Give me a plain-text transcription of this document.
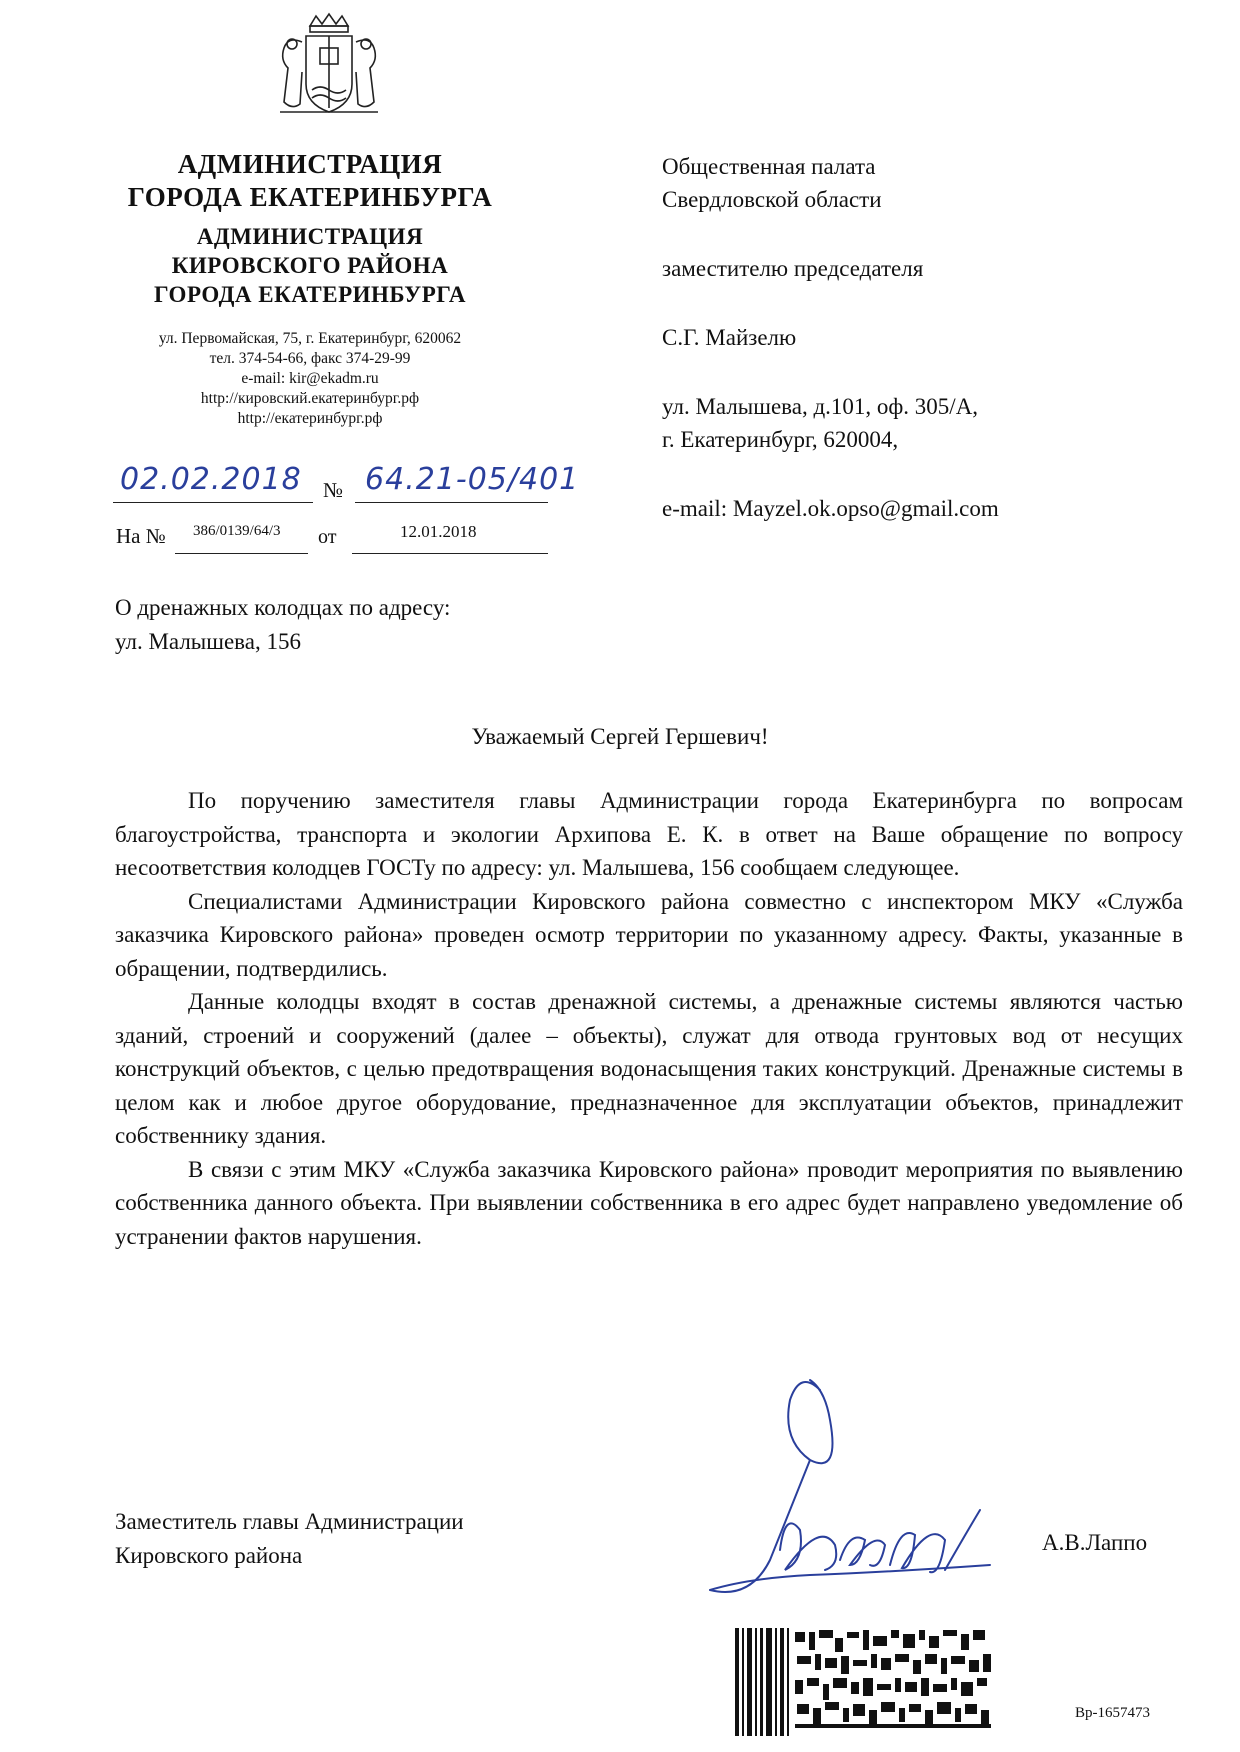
АДМИНИСТРАЦИЯ
ГОРОДА ЕКАТЕРИНБУРГА
АДМИНИСТРАЦИЯ
КИРОВСКОГО РАЙОНА
ГОРОДА ЕКАТЕРИНБУРГА
ул. Первомайская, 75, г. Екатеринбург, 620062
тел. 374-54-66, факс 374-29-99
e-mail: kir@ekadm.ru
http://кировский.екатеринбург.рф
http://екатеринбург.рф
02.02.2018 № 64.21-05/401
На № 386/0139/64/3 от	12.01.2018
Общественная палата
Свердловской области
заместителю председателя
С.Г. Майзелю
ул. Малышева, д.101, оф. 305/А,
г. Екатеринбург, 620004,
e-mail: Mayzel.ok.opso@gmail.com
О дренажных колодцах по адресу:
ул. Малышева, 156
Уважаемый Сергей Гершевич!

По поручению заместителя главы Администрации города Екатеринбурга по вопросам благоустройства, транспорта и экологии Архипова Е. К. в ответ на Ваше обращение по вопросу несоответствия колодцев ГОСТу по адресу: ул. Малышева, 156 сообщаем следующее.

Специалистами Администрации Кировского района совместно с инспектором МКУ «Служба заказчика Кировского района» проведен осмотр территории по указанному адресу. Факты, указанные в обращении, подтвердились.

Данные колодцы входят в состав дренажной системы, а дренажные системы являются частью зданий, строений и сооружений (далее – объекты), служат для отвода грунтовых вод от несущих конструкций объектов, с целью предотвращения водонасыщения таких конструкций. Дренажные системы в целом как и любое другое оборудование, предназначенное для эксплуатации объектов, принадлежит собственнику здания.

В связи с этим МКУ «Служба заказчика Кировского района» проводит мероприятия по выявлению собственника данного объекта. При выявлении собственника в его адрес будет направлено уведомление об устранении фактов нарушения.

Заместитель главы Администрации
Кировского района
А.В.Лаппо
Вр-1657473
